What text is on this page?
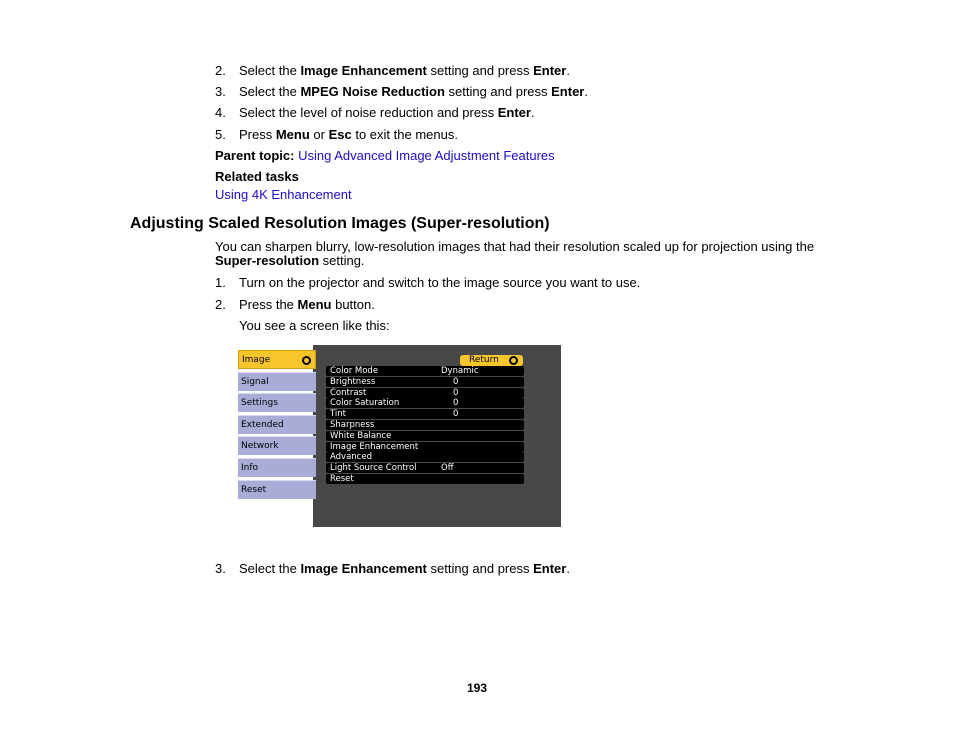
2. Select the Image Enhancement setting and press Enter.
3. Select the MPEG Noise Reduction setting and press Enter.
4. Select the level of noise reduction and press Enter.
5. Press Menu or Esc to exit the menus.
Parent topic: Using Advanced Image Adjustment Features
Related tasks
Using 4K Enhancement
Adjusting Scaled Resolution Images (Super-resolution)
You can sharpen blurry, low-resolution images that had their resolution scaled up for projection using the
Super-resolution setting.
1. Turn on the projector and switch to the image source you want to use.
2. Press the Menu button.
You see a screen like this:
Image
Signal
Settings
Extended
Network
Info
Reset
Return
Color Mode	Dynamic
Brightness	0
Contrast	0
Color Saturation	0
Tint	0
Sharpness
White Balance
Image Enhancement
Advanced
Light Source Control	Off
Reset
3. Select the Image Enhancement setting and press Enter.
193
